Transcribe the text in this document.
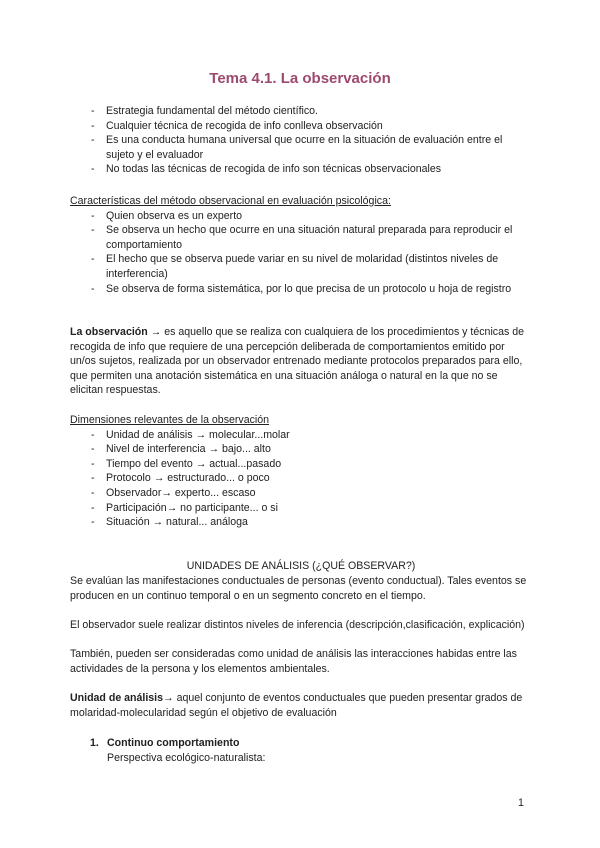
Tema 4.1. La observación
- Estrategia fundamental del método científico.
- Cualquier técnica de recogida de info conlleva observación
- Es una conducta humana universal que ocurre en la situación de evaluación entre el sujeto y el evaluador
- No todas las técnicas de recogida de info son técnicas observacionales

Características del método observacional en evaluación psicológica:

- Quien observa es un experto
- Se observa un hecho que ocurre en una situación natural preparada para reproducir el comportamiento
- El hecho que se observa puede variar en su nivel de molaridad (distintos niveles de interferencia)
- Se observa de forma sistemática, por lo que precisa de un protocolo u hoja de registro

La observación → es aquello que se realiza con cualquiera de los procedimientos y técnicas de recogida de info que requiere de una percepción deliberada de comportamientos emitido por un/os sujetos, realizada por un observador entrenado mediante protocolos preparados para ello, que permiten una anotación sistemática en una situación análoga o natural en la que no se elicitan respuestas.

Dimensiones relevantes de la observación

- Unidad de análisis → molecular...molar
- Nivel de interferencia → bajo... alto
- Tiempo del evento → actual...pasado
- Protocolo → estructurado... o poco
- Observador→ experto... escaso
- Participación→ no participante... o si
- Situación → natural... análoga
UNIDADES DE ANÁLISIS (¿QUÉ OBSERVAR?)
Se evalúan las manifestaciones conductuales de personas (evento conductual). Tales eventos se producen en un continuo temporal o en un segmento concreto en el tiempo.
El observador suele realizar distintos niveles de inferencia (descripción,clasificación, explicación)
También, pueden ser consideradas como unidad de análisis las interacciones habidas entre las actividades de la persona y los elementos ambientales.

Unidad de análisis→ aquel conjunto de eventos conductuales que pueden presentar grados de molaridad-molecularidad según el objetivo de evaluación

1. Continuo comportamiento
Perspectiva ecológico-naturalista:
1
